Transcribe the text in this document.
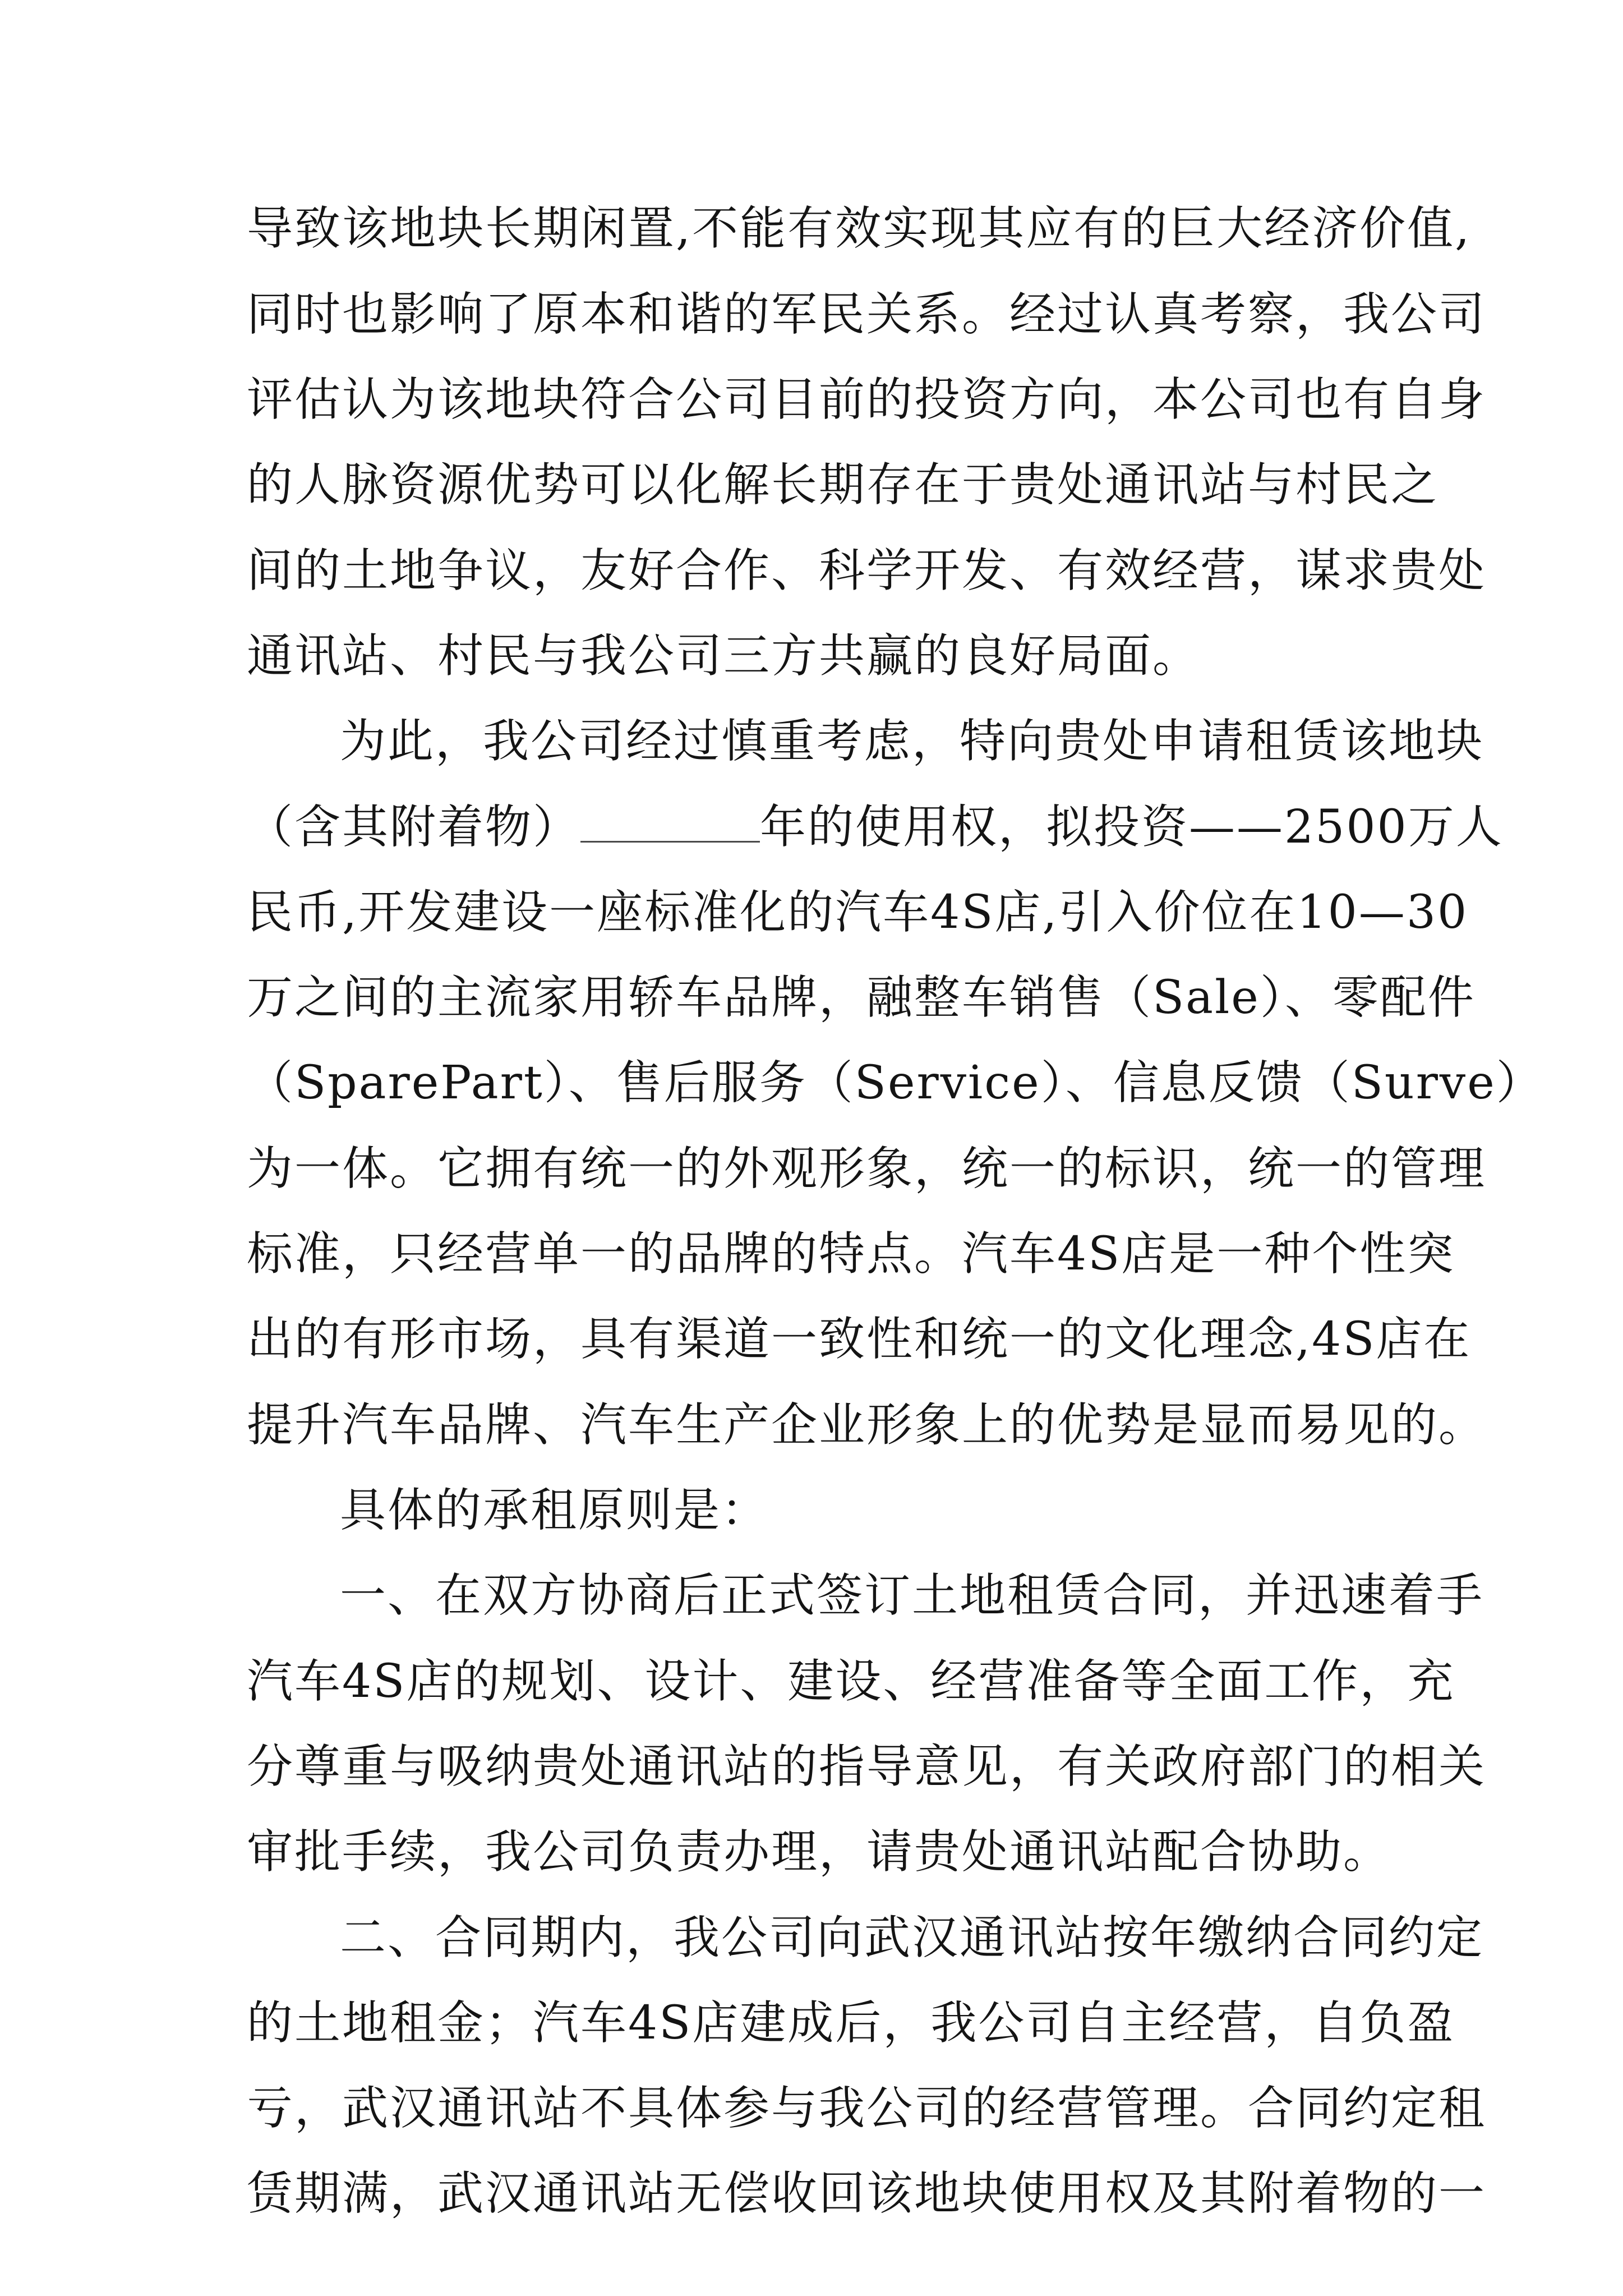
导致该地块长期闲置,不能有效实现其应有的巨大经济价值,
同时也影响了原本和谐的军民关系。经过认真考察，我公司
评估认为该地块符合公司目前的投资方向，本公司也有自身
的人脉资源优势可以化解长期存在于贵处通讯站与村民之
间的土地争议，友好合作、科学开发、有效经营，谋求贵处
通讯站、村民与我公司三方共赢的良好局面。
为此，我公司经过慎重考虑，特向贵处申请租赁该地块
（含其附着物）	年的使用权，拟投资——2500万人
民币,开发建设一座标准化的汽车4S店,引入价位在10—30
万之间的主流家用轿车品牌，融整车销售（Sale）、零配件
（SparePart）、售后服务（Service）、信息反馈（Surve）
为一体。它拥有统一的外观形象，统一的标识，统一的管理
标准，只经营单一的品牌的特点。汽车4S店是一种个性突
出的有形市场，具有渠道一致性和统一的文化理念,4S店在
提升汽车品牌、汽车生产企业形象上的优势是显而易见的。
具体的承租原则是：
一、在双方协商后正式签订土地租赁合同，并迅速着手
汽车4S店的规划、设计、建设、经营准备等全面工作，充
分尊重与吸纳贵处通讯站的指导意见，有关政府部门的相关
审批手续，我公司负责办理，请贵处通讯站配合协助。
二、合同期内，我公司向武汉通讯站按年缴纳合同约定
的土地租金；汽车4S店建成后，我公司自主经营，自负盈
亏，武汉通讯站不具体参与我公司的经营管理。合同约定租
赁期满，武汉通讯站无偿收回该地块使用权及其附着物的一
